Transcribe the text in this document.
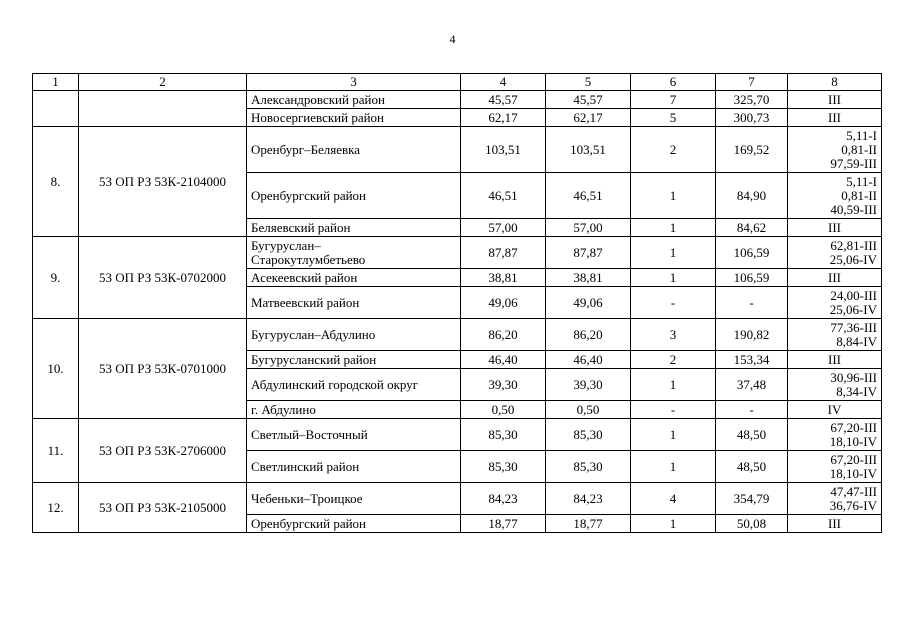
4
1	2	3	4	5	6	7	8
		Александровский район	45,57	45,57	7	325,70	III
		Новосергиевский район	62,17	62,17	5	300,73	III
8.	53 ОП РЗ 53К-2104000	Оренбург–Беляевка	103,51	103,51	2	169,52	5,11-I
0,81-II
97,59-III
		Оренбургский район	46,51	46,51	1	84,90	5,11-I
0,81-II
40,59-III
		Беляевский район	57,00	57,00	1	84,62	III
9.	53 ОП РЗ 53К-0702000	Бугуруслан–
Старокутлумбетьево	87,87	87,87	1	106,59	62,81-III
25,06-IV
		Асекеевский район	38,81	38,81	1	106,59	III
		Матвеевский район	49,06	49,06	-	-	24,00-III
25,06-IV
10.	53 ОП РЗ 53К-0701000	Бугуруслан–Абдулино	86,20	86,20	3	190,82	77,36-III
8,84-IV
		Бугурусланский район	46,40	46,40	2	153,34	III
		Абдулинский городской округ	39,30	39,30	1	37,48	30,96-III
8,34-IV
		г. Абдулино	0,50	0,50	-	-	IV
11.	53 ОП РЗ 53К-2706000	Светлый–Восточный	85,30	85,30	1	48,50	67,20-III
18,10-IV
		Светлинский район	85,30	85,30	1	48,50	67,20-III
18,10-IV
12.	53 ОП РЗ 53К-2105000	Чебеньки–Троицкое	84,23	84,23	4	354,79	47,47-III
36,76-IV
		Оренбургский район	18,77	18,77	1	50,08	III
